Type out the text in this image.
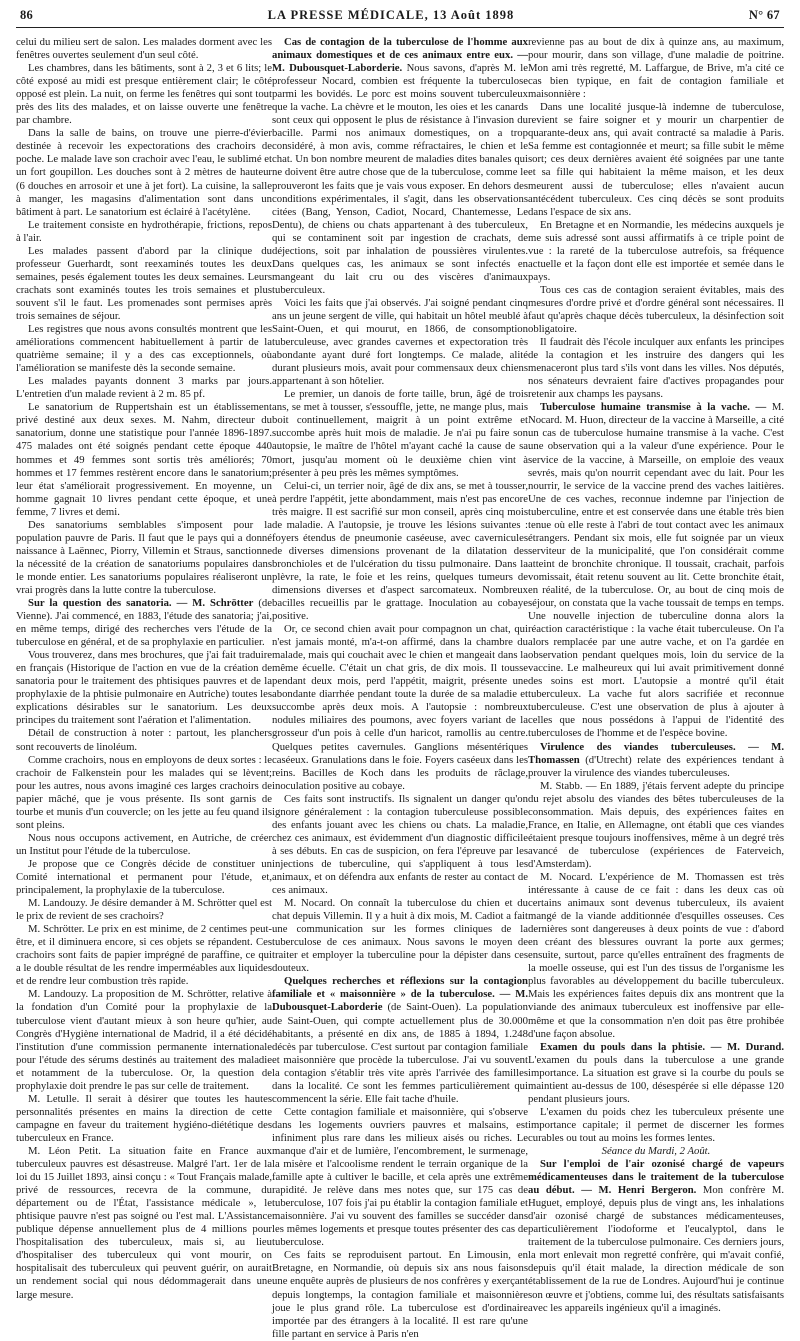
86	LA PRESSE MÉDICALE, 13 Août 1898	N° 67

celui du milieu sert de salon. Les malades dorment avec les fenêtres ouvertes seulement d'un seul côté.

Les chambres, dans les bâtiments, sont à 2, 3 et 6 lits; le côté exposé au midi est presque entièrement clair; le côté opposé est plein. La nuit, on ferme les fenêtres qui sont tout près des lits des malades, et on laisse ouverte une fenêtre par chambre.

Dans la salle de bains, on trouve une pierre-d'évier destinée à recevoir les expectorations des crachoirs de poche. Le malade lave son crachoir avec l'eau, le sublimé et un fort goupillon. Les douches sont à 2 mètres de hauteur (6 douches en arrosoir et une à jet fort). La cuisine, la salle à manger, les magasins d'alimentation sont dans un bâtiment à part. Le sanatorium est éclairé à l'acétylène.

Le traitement consiste en hydrothérapie, frictions, repos à l'air.

Les malades passent d'abord par la clinique du professeur Guerhardt, sont reexaminés toutes les deux semaines, pesés également toutes les deux semaines. Leurs crachats sont examinés toutes les trois semaines et plus souvent s'il le faut. Les promenades sont permises après trois semaines de séjour.

Les registres que nous avons consultés montrent que les améliorations commencent habituellement à partir de la quatrième semaine; il y a des cas exceptionnels, où l'amélioration se manifeste dès la seconde semaine.

Les malades payants donnent 3 marks par jours. L'entretien d'un malade revient à 2 m. 85 pf.

Le sanatorium de Ruppertshain est un établissement privé destiné aux deux sexes. M. Nahm, directeur du sanatorium, donne une statistique pour l'année 1896-1897. 475 malades ont été soignés pendant cette époque 440 hommes et 49 femmes sont sortis très améliorés; 70 hommes et 17 femmes restèrent encore dans le sanatorium; leur état s'améliorait progressivement. En moyenne, un homme gagnait 10 livres pendant cette époque, et une femme, 7 livres et demi.

Des sanatoriums semblables s'imposent pour la population pauvre de Paris. Il faut que le pays qui a donné naissance à Laënnec, Piorry, Villemin et Straus, sanctionne la nécessité de la création de sanatoriums populaires dans le monde entier. Les sanatoriums populaires réaliseront un vrai progrès dans la lutte contre la tuberculose.

Sur la question des sanatoria. — M. Schrötter (de Vienne). J'ai commencé, en 1883, l'étude des sanatoria; j'ai, en même temps, dirigé des recherches vers l'étude de la tuberculose en général, et de sa prophylaxie en particulier.

Vous trouverez, dans mes brochures, que j'ai fait traduire en français (Historique de l'action en vue de la création de sanatoria pour le traitement des phtisiques pauvres et de la prophylaxie de la phtisie pulmonaire en Autriche) toutes les explications désirables sur le sanatorium. Les deux principes du traitement sont l'aération et l'alimentation.

Détail de construction à noter : partout, les planchers sont recouverts de linoléum.

Comme crachoirs, nous en employons de deux sortes : le crachoir de Falkenstein pour les malades qui se lèvent; pour les autres, nous avons imaginé ces larges crachoirs de papier mâché, que je vous présente. Ils sont garnis de tourbe et munis d'un couvercle; on les jette au feu quand ils sont pleins.

Nous nous occupons activement, en Autriche, de créer un Institut pour l'étude de la tuberculose.

Je propose que ce Congrès décide de constituer un Comité international et permanent pour l'étude, et, principalement, la prophylaxie de la tuberculose.

M. Landouzy. Je désire demander à M. Schrötter quel est le prix de revient de ses crachoirs?

M. Schrötter. Le prix en est minime, de 2 centimes peut-être, et il diminuera encore, si ces objets se répandent. Ces crachoirs sont faits de papier imprégné de paraffine, ce qui a le double résultat de les rendre imperméables aux liquides et de rendre leur combustion très rapide.

M. Landouzy. La proposition de M. Schrötter, relative à la fondation d'un Comité pour la prophylaxie de la tuberculose vient d'autant mieux à son heure qu'hier, au Congrès d'Hygiène international de Madrid, il a été décidé l'institution d'une commission permanente internationale pour l'étude des sérums destinés au traitement des maladie et notamment de la tuberculose. Or, la question de prophylaxie doit prendre le pas sur celle de traitement.

M. Letulle. Il serait à désirer que toutes les hautes personnalités présentes en mains la direction de cette campagne en faveur du traitement hygiéno-diététique des tuberculeux en France.

M. Léon Petit. La situation faite en France aux tuberculeux pauvres est désastreuse. Malgré l'art. 1er de la loi du 15 Juillet 1893, ainsi conçu : « Tout Français malade, privé de ressources, recevra de la commune, du département ou de l'État, l'assistance médicale », le phtisique pauvre n'est pas soigné ou l'est mal. L'Assistance publique dépense annuellement plus de 4 millions pour l'hospitalisation des tuberculeux, mais si, au lieu d'hospitaliser des tuberculeux qui vont mourir, on hospitalisait des tuberculeux qui peuvent guérir, on aurait un rendement social qui nous dédommagerait dans une large mesure.

Cas de contagion de la tuberculose de l'homme aux animaux domestiques et de ces animaux entre eux. — M. Dubousquet-Laborderie. Nous savons, d'après M. le professeur Nocard, combien est fréquente la tuberculose parmi les bovidés. Le porc est moins souvent tuberculeux que la vache. La chèvre et le mouton, les oies et les canards sont ceux qui opposent le plus de résistance à l'invasion du bacille. Parmi nos animaux domestiques, on a trop considéré, à mon avis, comme réfractaires, le chien et le chat. Un bon nombre meurent de maladies dites banales qui ne doivent être autre chose que de la tuberculose, comme le prouveront les faits que je vais vous exposer. En dehors des conditions expérimentales, il s'agit, dans les observations citées (Bang, Yenson, Cadiot, Nocard, Chantemesse, Le Dentu), de chiens ou chats appartenant à des tuberculeux, qui se contaminent soit par ingestion de crachats, de déjections, soit par inhalation de poussières virulentes. Dans quelques cas, les animaux se sont infectés en mangeant du lait cru ou des viscères d'animaux tuberculeux.

Voici les faits que j'ai observés. J'ai soigné pendant cinq ans un jeune sergent de ville, qui habitait un hôtel meublé à Saint-Ouen, et qui mourut, en 1866, de consomption tuberculeuse, avec grandes cavernes et expectoration très abondante ayant duré fort longtemps. Ce malade, alité durant plusieurs mois, avait pour commensaux deux chiens appartenant à son hôtelier.

Le premier, un danois de forte taille, brun, âgé de trois ans, se met à tousser, s'essouffle, jette, ne mange plus, mais boit continuellement, maigrit à un point extrême et succombe après huit mois de maladie. Je n'ai pu faire son autopsie, le maître de l'hôtel m'ayant caché la cause de sa mort, jusqu'au moment où le deuxième chien vint à présenter à peu près les mêmes symptômes.

Celui-ci, un terrier noir, âgé de dix ans, se met à tousser, à perdre l'appétit, jette abondamment, mais n'est pas encore très maigre. Il est sacrifié sur mon conseil, après cinq mois de maladie. A l'autopsie, je trouve les lésions suivantes : foyers étendus de pneumonie caséeuse, avec cavernicules de diverses dimensions provenant de la dilatation des bronchioles et de l'ulcération du tissu pulmonaire. Dans la plèvre, la rate, le foie et les reins, quelques tumeurs de dimensions diverses et d'aspect sarcomateux. Nombreux bacilles recueillis par le grattage. Inoculation au cobaye positive.

Or, ce second chien avait pour compagnon un chat, qui n'est jamais monté, m'a-t-on affirmé, dans la chambre du malade, mais qui couchait avec le chien et mangeait dans la même écuelle. C'était un chat gris, de dix mois. Il tousse pendant deux mois, perd l'appétit, maigrit, présente une abondante diarrhée pendant toute la durée de sa maladie et succombe après deux mois. A l'autopsie : nombreux nodules miliaires des poumons, avec foyers variant de la grosseur d'un pois à celle d'un haricot, ramollis au centre. Quelques petites cavernules. Ganglions mésentériques caséeux. Granulations dans le foie. Foyers caséeux dans les reins. Bacilles de Koch dans les produits de râclage, inoculation positive au cobaye.

Ces faits sont instructifs. Ils signalent un danger qu'on ignore généralement : la contagion tuberculeuse possible des enfants jouant avec les chiens ou chats. La maladie, chez ces animaux, est évidemment d'un diagnostic difficile à ses débuts. En cas de suspicion, on fera l'épreuve par les injections de tuberculine, qui s'appliquent à tous les animaux, et on défendra aux enfants de rester au contact de ces animaux.

M. Nocard. On connaît la tuberculose du chien et du chat depuis Villemin. Il y a huit à dix mois, M. Cadiot a fait une communication sur les formes cliniques de la tuberculose de ces animaux. Nous savons le moyen de traiter et employer la tuberculine pour la dépister dans ces douteux.

Quelques recherches et réflexions sur la contagion familiale et « maisonnière » de la tuberculose. — M. Dubousquet-Laborderie (de Saint-Ouen). La population de Saint-Ouen, qui compte actuellement plus de 30.000 habitants, a présenté en dix ans, de 1885 à 1894, 1.248 décès par tuberculose. C'est surtout par contagion familiale et maisonnière que procède la tuberculose. J'ai vu souvent la contagion s'établir très vite après l'arrivée des familles dans la localité. Ce sont les femmes particulièrement qui commencent la série. Elle fait tache d'huile.

Cette contagion familiale et maisonnière, qui s'observe dans les logements ouvriers pauvres et malsains, est infiniment plus rare dans les milieux aisés ou riches. Le manque d'air et de lumière, l'encombrement, le surmenage, la misère et l'alcoolisme rendent le terrain organique de la famille apte à cultiver le bacille, et cela après une extrême rapidité. Je relève dans mes notes que, sur 175 cas de tuberculose, 107 fois j'ai pu établir la contagion familiale et maisonnière. J'ai vu souvent des familles se succéder dans les mêmes logements et presque toutes présenter des cas de tuberculose.

Ces faits se reproduisent partout. En Limousin, en Bretagne, en Normandie, où depuis six ans nous faisons une enquête auprès de plusieurs de nos confrères y exerçant depuis longtemps, la contagion familiale et maisonnière joue le plus grand rôle. La tuberculose est d'ordinaire importée par des étrangers à la localité. Il est rare qu'une fille partant en service à Paris n'en

revienne pas au bout de dix à quinze ans, au maximum, pour mourir, dans son village, d'une maladie de poitrine. Mon ami très regretté, M. Laffargue, de Brive, m'a cité ce cas bien typique, en fait de contagion familiale et maisonnière :

Dans une localité jusque-là indemne de tuberculose, revient se faire soigner et y mourir un charpentier de quarante-deux ans, qui avait contracté sa maladie à Paris. Sa femme est contagionnée et meurt; sa fille subit le même sort; ces deux dernières avaient été soignées par une tante et sa fille qui habitaient la même maison, et les deux meurent aussi de tuberculose; elles n'avaient aucun antécédent tuberculeux. Ces cinq décès se sont produits dans l'espace de six ans.

En Bretagne et en Normandie, les médecins auxquels je me suis adressé sont aussi affirmatifs à ce triple point de vue : la rareté de la tuberculose autrefois, sa fréquence actuelle et la façon dont elle est importée et semée dans le pays.

Tous ces cas de contagion seraient évitables, mais des mesures d'ordre privé et d'ordre général sont nécessaires. Il faut qu'après chaque décès tuberculeux, la désinfection soit obligatoire.

Il faudrait dès l'école inculquer aux enfants les principes de la contagion et les instruire des dangers qui les menaceront plus tard s'ils vont dans les villes. Nos députés, nos sénateurs devraient faire d'actives propagandes pour retenir aux champs les paysans.

Tuberculose humaine transmise à la vache. — M. Nocard. M. Huon, directeur de la vaccine à Marseille, a cité un cas de tuberculose humaine transmise à la vache. C'est une observation qui a la valeur d'une expérience. Pour le service de la vaccine, à Marseille, on emploie des veaux sevrés, mais qu'on nourrit cependant avec du lait. Pour les nourrir, le service de la vaccine prend des vaches laitières. Une de ces vaches, reconnue indemne par l'injection de tuberculine, entre et est conservée dans une étable très bien tenue où elle reste à l'abri de tout contact avec les animaux étrangers. Pendant six mois, elle fut soignée par un vieux serviteur de la municipalité, que l'on considérait comme atteint de bronchite chronique. Il toussait, crachait, parfois vomissait, était retenu souvent au lit. Cette bronchite était, en réalité, de la tuberculose. Or, au bout de cinq mois de séjour, on constata que la vache toussait de temps en temps. Une nouvelle injection de tuberculine donna alors la réaction caractéristique : la vache était tuberculeuse. On l'a alors remplacée par une autre vache, et on l'a gardée en observation pendant quelques mois, loin du service de la vaccine. Le malheureux qui lui avait primitivement donné des soins est mort. L'autopsie a montré qu'il était tuberculeux. La vache fut alors sacrifiée et reconnue tuberculeuse. C'est une observation de plus à ajouter à celles que nous possédons à l'appui de l'identité des tuberculoses de l'homme et de l'espèce bovine.

Virulence des viandes tuberculeuses. — M. Thomassen (d'Utrecht) relate des expériences tendant à prouver la virulence des viandes tuberculeuses.

M. Stabb. — En 1889, j'étais fervent adepte du principe du rejet absolu des viandes des bêtes tuberculeuses de la consommation. Mais depuis, des expériences faites en France, en Italie, en Allemagne, ont établi que ces viandes étaient presque toujours inoffensives, même à un degré très avancé de tuberculose (expériences de Faterveich, d'Amsterdam).

M. Nocard. L'expérience de M. Thomassen est très intéressante à cause de ce fait : dans les deux cas où certains animaux sont devenus tuberculeux, ils avaient mangé de la viande additionnée d'esquilles osseuses. Ces dernières sont dangereuses à deux points de vue : d'abord en créant des blessures ouvrant la porte aux germes; ensuite, surtout, parce qu'elles entraînent des fragments de la moelle osseuse, qui est l'un des tissus de l'organisme les plus favorables au développement du bacille tuberculeux. Mais les expériences faites depuis dix ans montrent que la viande des animaux tuberculeux est inoffensive par elle-même et que la consommation n'en doit pas être prohibée d'une façon absolue.

Examen du pouls dans la phtisie. — M. Durand. L'examen du pouls dans la tuberculose a une grande importance. La situation est grave si la courbe du pouls se maintient au-dessus de 100, désespérée si elle dépasse 120 pendant plusieurs jours.

L'examen du poids chez les tuberculeux présente une importance capitale; il permet de discerner les formes curables ou tout au moins les formes lentes.

Séance du Mardi, 2 Août.

Sur l'emploi de l'air ozonisé chargé de vapeurs médicamenteuses dans le traitement de la tuberculose au début. — M. Henri Bergeron. Mon confrère M. Huguet, employé, depuis plus de vingt ans, les inhalations d'air ozonisé chargé de substances médicamenteuses, particulièrement l'iodoforme et l'eucalyptol, dans le traitement de la tuberculose pulmonaire. Ces derniers jours, la mort enlevait mon regretté confrère, qui m'avait confié, depuis qu'il était malade, la direction médicale de son établissement de la rue de Londres. Aujourd'hui je continue son œuvre et j'obtiens, comme lui, des résultats satisfaisants avec les appareils ingénieux qu'il a imaginés.
